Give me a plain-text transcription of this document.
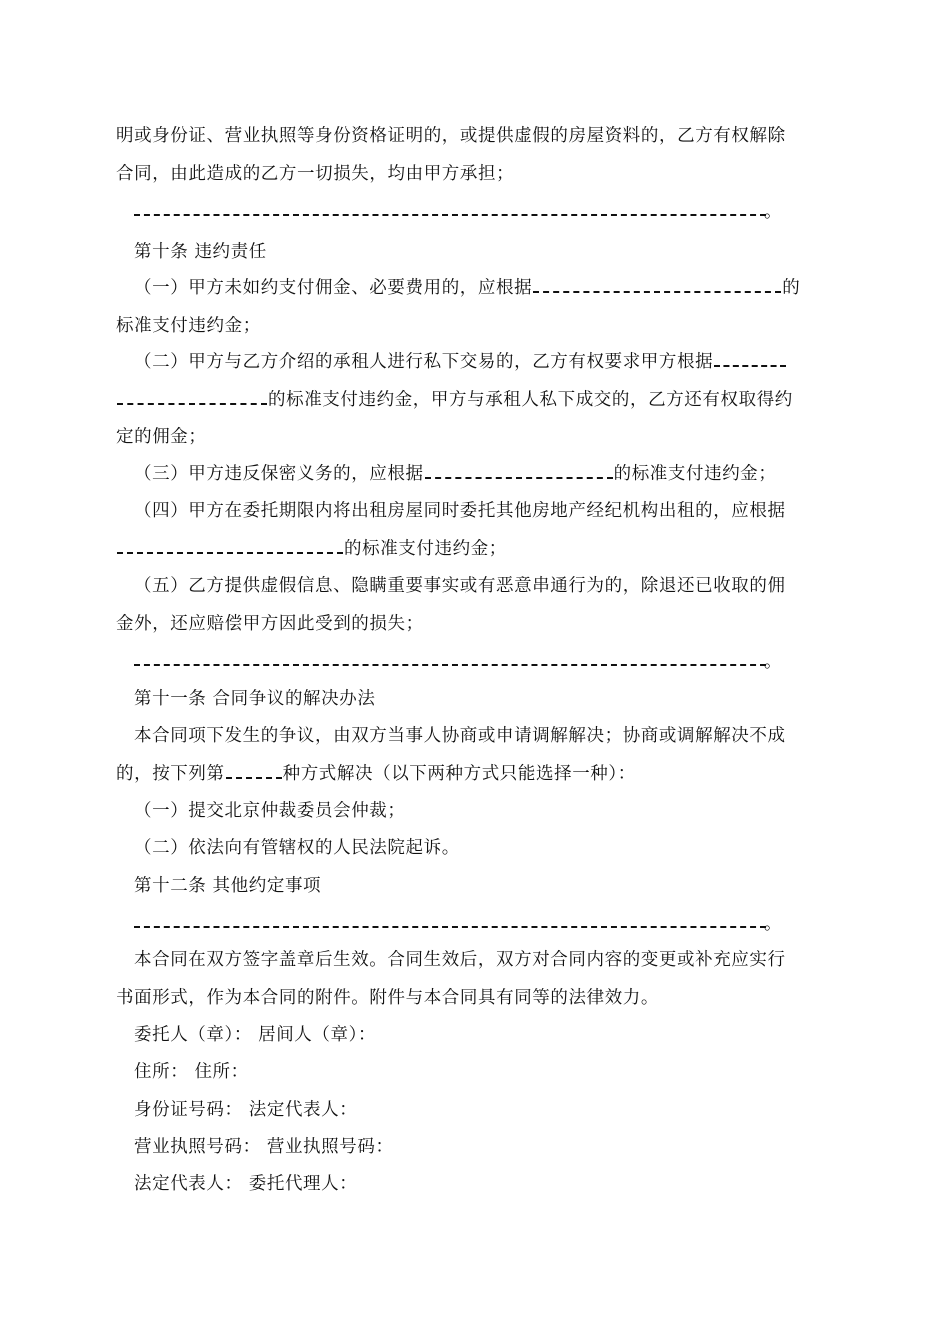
明或身份证、营业执照等身份资格证明的，或提供虚假的房屋资料的，乙方有权解除
合同，由此造成的乙方一切损失，均由甲方承担；
。
第十条 违约责任
（一）甲方未如约支付佣金、必要费用的，应根据	的
标准支付违约金；
（二）甲方与乙方介绍的承租人进行私下交易的，乙方有权要求甲方根据
的标准支付违约金，甲方与承租人私下成交的，乙方还有权取得约
定的佣金；
（三）甲方违反保密义务的，应根据	的标准支付违约金；
（四）甲方在委托期限内将出租房屋同时委托其他房地产经纪机构出租的，应根据
的标准支付违约金；
（五）乙方提供虚假信息、隐瞒重要事实或有恶意串通行为的，除退还已收取的佣
金外，还应赔偿甲方因此受到的损失；
。
第十一条 合同争议的解决办法
本合同项下发生的争议，由双方当事人协商或申请调解解决；协商或调解解决不成
的，按下列第	种方式解决（以下两种方式只能选择一种）：
（一）提交北京仲裁委员会仲裁；
（二）依法向有管辖权的人民法院起诉。
第十二条 其他约定事项
。
本合同在双方签字盖章后生效。合同生效后，双方对合同内容的变更或补充应实行
书面形式，作为本合同的附件。附件与本合同具有同等的法律效力。
委托人（章）： 居间人（章）：
住所： 住所：
身份证号码： 法定代表人：
营业执照号码： 营业执照号码：
法定代表人： 委托代理人：
